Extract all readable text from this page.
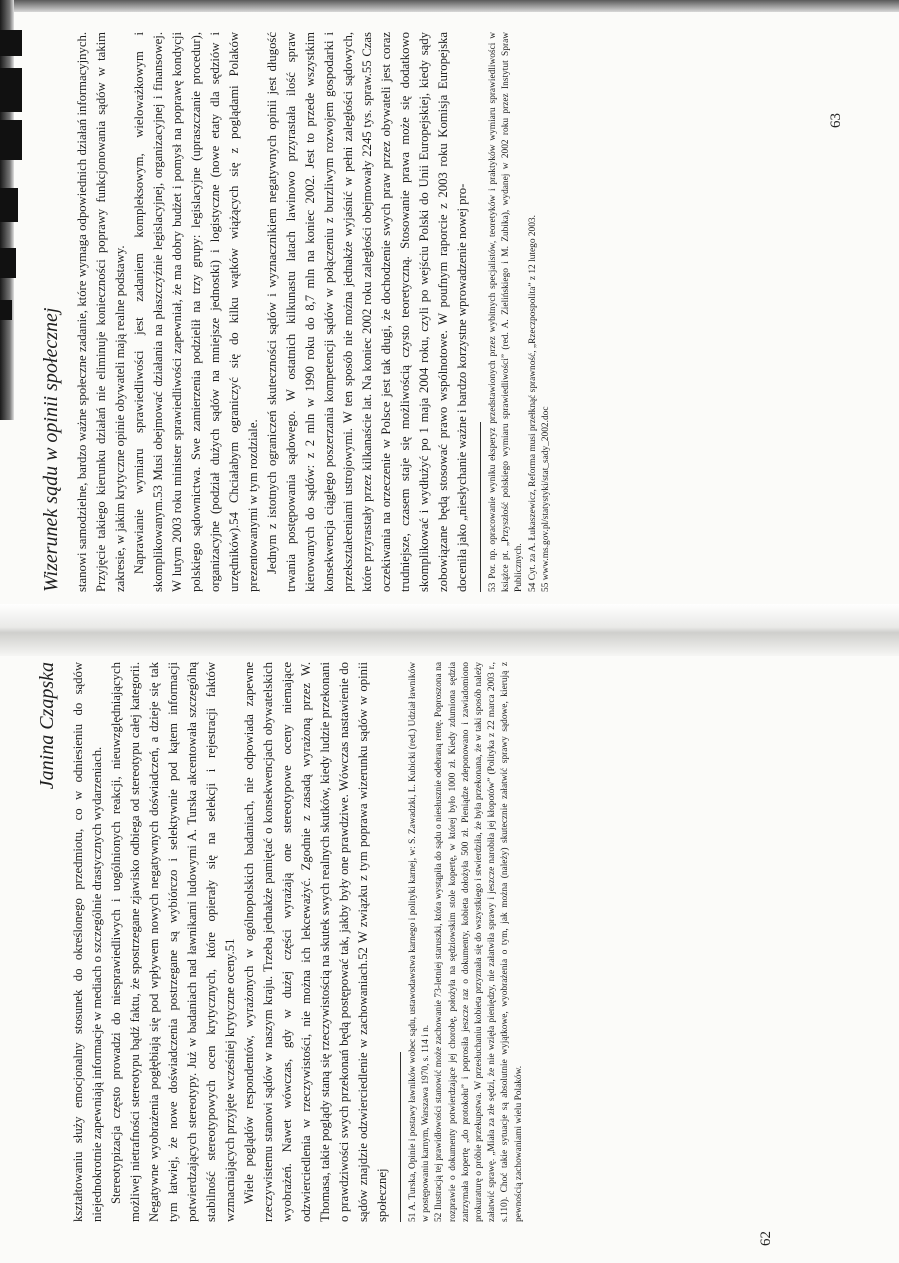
Janina Czapska kształtowaniu służy emocjonalny stosunek do określonego przedmiotu, co w odniesieniu do sądów niejednokrotnie zapewniają informacje w mediach o szczególnie drastycznych wydarzeniach. Stereotypizacja często prowadzi do niesprawiedliwych i uogólnionych reakcji, nieuwzględniających możliwej nietrafności stereotypu bądź faktu, że spostrzegane zjawisko odbiega od stereotypu całej kategorii. Negatywne wyobrażenia pogłębiają się pod wpływem nowych negatywnych doświadczeń, a dzieje się tak tym łatwiej, że nowe doświadczenia postrzegane są wybiórczo i selektywnie pod kątem informacji potwierdzających stereotypy. Już w badaniach nad ławnikami ludowymi A. Turska akcentowała szczególną stabilność stereotypowych ocen krytycznych, które opierały się na selekcji i rejestracji faktów wzmacniających przyjęte wcześniej krytyczne oceny.51 Wiele poglądów respondentów, wyrażonych w ogólnopolskich badaniach, nie odpowiada zapewne rzeczywistemu stanowi sądów w naszym kraju. Trzeba jednakże pamiętać o konsekwencjach obywatelskich wyobrażeń. Nawet wówczas, gdy w dużej części wyrażają one stereotypowe oceny niemające odzwierciedlenia w rzeczywistości, nie można ich lekceważyć. Zgodnie z zasadą wyrażoną przez W. Thomasa, takie poglądy staną się rzeczywistością na skutek swych realnych skutków, kiedy ludzie przekonani o prawdziwości swych przekonań będą postępować tak, jakby były one prawdziwe. Wówczas nastawienie do sądów znajdzie odzwierciedlenie w zachowaniach.52 W związku z tym poprawa wizerunku sądów w opinii społecznej	51 A. Turska, Opinie i postawy ławników wobec sądu, ustawodawstwa karnego i polityki karnej, w: S. Zawadzki, L. Kubicki (red.) Udział ławników w postępowaniu karnym, Warszawa 1970, s. 114 i n. 52 Ilustracją tej prawidłowości stanowić może zachowanie 73-letniej staruszki, która wystąpiła do sądu o niesłusznie odebraną rentę. Poproszona na rozprawie o dokumenty potwierdzające jej chorobę, położyła na sędziowskim stole kopertę, w której było 1000 zł. Kiedy zdumiona sędzia zatrzymała kopertę „do protokołu” i poprosiła jeszcze raz o dokumenty, kobieta dołożyła 500 zł. Pieniądze zdeponowano i zawiadomiono prokuraturę o próbie przekupstwa. W przesłuchaniu kobieta przyznała się do wszystkiego i stwierdziła, że była przekonana, że w taki sposób należy załatwić sprawę. „Miała za złe sędzi, że nie wzięła pieniędzy, nie załatwiła sprawy i jeszcze narobiła jej kłopotów” (Polityka z 22 marca 2003 r., s.110). Choć takie sytuacje są absolutnie wyjątkowe, wyobrażenia o tym, jak można (należy) skutecznie załatwić sprawy sądowe, kierują z pewnością zachowaniami wielu Polaków.

62
Wizerunek sądu w opinii społecznej stanowi samodzielne, bardzo ważne społeczne zadanie, które wymaga odpowiednich działań informacyjnych. Przyjęcie takiego kierunku działań nie eliminuje konieczności poprawy funkcjonowania sądów w takim zakresie, w jakim krytyczne opinie obywateli mają realne podstawy. Naprawianie wymiaru sprawiedliwości jest zadaniem kompleksowym, wieloważkowym i skomplikowanym.53 Musi obejmować działania na płaszczyźnie legislacyjnej, organizacyjnej i finansowej. W lutym 2003 roku minister sprawiedliwości zapewniał, że ma dobry budżet i pomysł na poprawę kondycji polskiego sądownictwa. Swe zamierzenia podzielił na trzy grupy: legislacyjne (upraszczanie procedur), organizacyjne (podział dużych sądów na mniejsze jednostki) i logistyczne (nowe etaty dla sędziów i urzędników).54 Chciałabym ograniczyć się do kilku wątków wiążących się z poglądami Polaków prezentowanymi w tym rozdziale. Jednym z istotnych ograniczeń skuteczności sądów i wyznacznikiem negatywnych opinii jest długość trwania postępowania sądowego. W ostatnich kilkunastu latach lawinowo przyrastała ilość spraw kierowanych do sądów: z 2 mln w 1990 roku do 8,7 mln na koniec 2002. Jest to przede wszystkim konsekwencja ciągłego poszerzania kompetencji sądów w połączeniu z burzliwym rozwojem gospodarki i przekształceniami ustrojowymi. W ten sposób nie można jednakże wyjaśnić w pełni zaległości sądowych, które przyrastały przez kilkanaście lat. Na koniec 2002 roku zaległości obejmowały 2245 tys. spraw.55 Czas oczekiwania na orzeczenie w Polsce jest tak długi, że dochodzenie swych praw przez obywateli jest coraz trudniejsze, czasem staje się możliwością czysto teoretyczną. Stosowanie prawa może się dodatkowo skomplikować i wydłużyć po 1 maja 2004 roku, czyli po wejściu Polski do Unii Europejskiej, kiedy sądy zobowiązane będą stosować prawo wspólnotowe. W poufnym raporcie z 2003 roku Komisja Europejska doceniła jako „niesłychanie ważne i bardzo korzystne wprowadzenie nowej pro-	53 Por. np. opracowanie wyniku eksperyz przedstawionych przez wybitnych specjalistów, teoretyków i praktyków wymiaru sprawiedliwości w książce pt. „Przyszłość polskiego wymiaru sprawiedliwości” (red. A. Zielińskiego i M. Zubika), wydanej w 2002 roku przez Instytut Spraw Publicznych. 54 Cyt. za A. Łukaszewicz, Reforma musi przełknąć sprawność, „Rzeczpospolita” z 12 lutego 2003. 55 www.ms.gov.pl/statystyki/stat_sady_2002.doc

63
